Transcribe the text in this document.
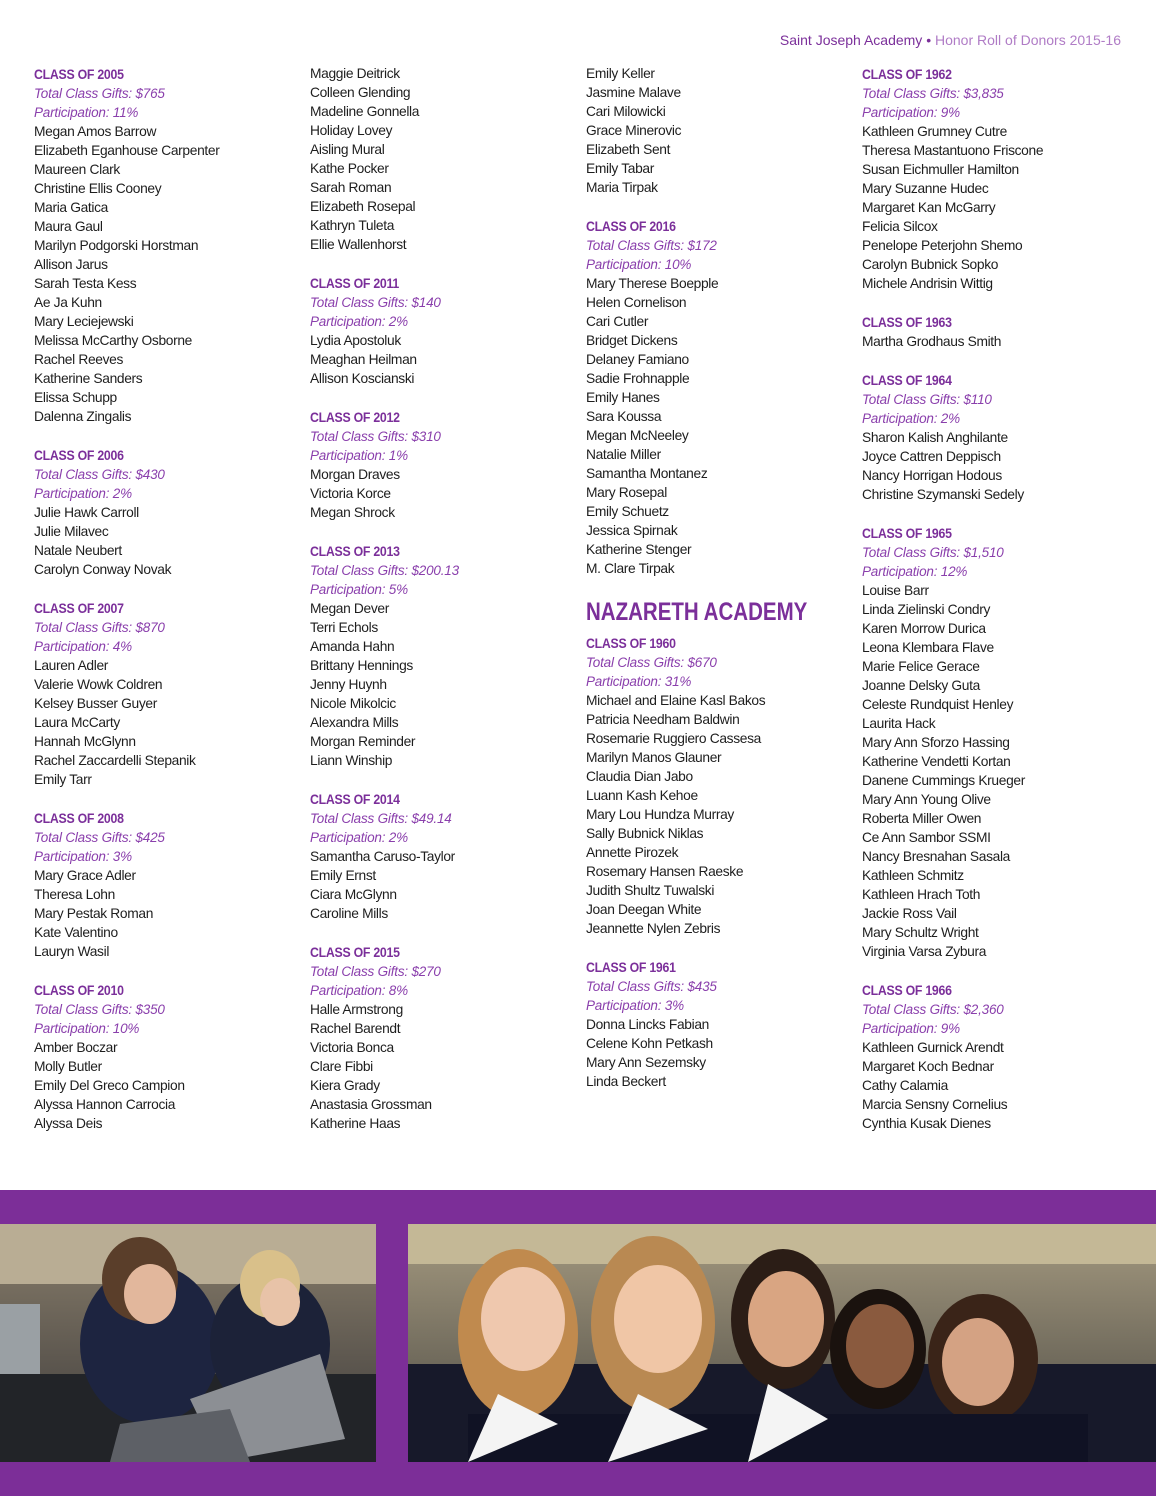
Saint Joseph Academy • Honor Roll of Donors 2015-16
CLASS OF 2005
Total Class Gifts: $765
Participation: 11%
Megan Amos Barrow
Elizabeth Eganhouse Carpenter
Maureen Clark
Christine Ellis Cooney
Maria Gatica
Maura Gaul
Marilyn Podgorski Horstman
Allison Jarus
Sarah Testa Kess
Ae Ja Kuhn
Mary Leciejewski
Melissa McCarthy Osborne
Rachel Reeves
Katherine Sanders
Elissa Schupp
Dalenna Zingalis
CLASS OF 2006
Total Class Gifts: $430
Participation: 2%
Julie Hawk Carroll
Julie Milavec
Natale Neubert
Carolyn Conway Novak
CLASS OF 2007
Total Class Gifts: $870
Participation: 4%
Lauren Adler
Valerie Wowk Coldren
Kelsey Busser Guyer
Laura McCarty
Hannah McGlynn
Rachel Zaccardelli Stepanik
Emily Tarr
CLASS OF 2008
Total Class Gifts: $425
Participation: 3%
Mary Grace Adler
Theresa Lohn
Mary Pestak Roman
Kate Valentino
Lauryn Wasil
CLASS OF 2010
Total Class Gifts: $350
Participation: 10%
Amber Boczar
Molly Butler
Emily Del Greco Campion
Alyssa Hannon Carrocia
Alyssa Deis
Maggie Deitrick
Colleen Glending
Madeline Gonnella
Holiday Lovey
Aisling Mural
Kathe Pocker
Sarah Roman
Elizabeth Rosepal
Kathryn Tuleta
Ellie Wallenhorst
CLASS OF 2011
Total Class Gifts: $140
Participation: 2%
Lydia Apostoluk
Meaghan Heilman
Allison Koscianski
CLASS OF 2012
Total Class Gifts: $310
Participation: 1%
Morgan Draves
Victoria Korce
Megan Shrock
CLASS OF 2013
Total Class Gifts: $200.13
Participation: 5%
Megan Dever
Terri Echols
Amanda Hahn
Brittany Hennings
Jenny Huynh
Nicole Mikolcic
Alexandra Mills
Morgan Reminder
Liann Winship
CLASS OF 2014
Total Class Gifts: $49.14
Participation: 2%
Samantha Caruso-Taylor
Emily Ernst
Ciara McGlynn
Caroline Mills
CLASS OF 2015
Total Class Gifts: $270
Participation: 8%
Halle Armstrong
Rachel Barendt
Victoria Bonca
Clare Fibbi
Kiera Grady
Anastasia Grossman
Katherine Haas
Emily Keller
Jasmine Malave
Cari Milowicki
Grace Minerovic
Elizabeth Sent
Emily Tabar
Maria Tirpak
CLASS OF 2016
Total Class Gifts: $172
Participation: 10%
Mary Therese Boepple
Helen Cornelison
Cari Cutler
Bridget Dickens
Delaney Famiano
Sadie Frohnapple
Emily Hanes
Sara Koussa
Megan McNeeley
Natalie Miller
Samantha Montanez
Mary Rosepal
Emily Schuetz
Jessica Spirnak
Katherine Stenger
M. Clare Tirpak
NAZARETH ACADEMY
CLASS OF 1960
Total Class Gifts: $670
Participation: 31%
Michael and Elaine Kasl Bakos
Patricia Needham Baldwin
Rosemarie Ruggiero Cassesa
Marilyn Manos Glauner
Claudia Dian Jabo
Luann Kash Kehoe
Mary Lou Hundza Murray
Sally Bubnick Niklas
Annette Pirozek
Rosemary Hansen Raeske
Judith Shultz Tuwalski
Joan Deegan White
Jeannette Nylen Zebris
CLASS OF 1961
Total Class Gifts: $435
Participation: 3%
Donna Lincks Fabian
Celene Kohn Petkash
Mary Ann Sezemsky
Linda Beckert
CLASS OF 1962
Total Class Gifts: $3,835
Participation: 9%
Kathleen Grumney Cutre
Theresa Mastantuono Friscone
Susan Eichmuller Hamilton
Mary Suzanne Hudec
Margaret Kan McGarry
Felicia Silcox
Penelope Peterjohn Shemo
Carolyn Bubnick Sopko
Michele Andrisin Wittig
CLASS OF 1963
Martha Grodhaus Smith
CLASS OF 1964
Total Class Gifts: $110
Participation: 2%
Sharon Kalish Anghilante
Joyce Cattren Deppisch
Nancy Horrigan Hodous
Christine Szymanski Sedely
CLASS OF 1965
Total Class Gifts: $1,510
Participation: 12%
Louise Barr
Linda Zielinski Condry
Karen Morrow Durica
Leona Klembara Flave
Marie Felice Gerace
Joanne Delsky Guta
Celeste Rundquist Henley
Laurita Hack
Mary Ann Sforzo Hassing
Katherine Vendetti Kortan
Danene Cummings Krueger
Mary Ann Young Olive
Roberta Miller Owen
Ce Ann Sambor SSMI
Nancy Bresnahan Sasala
Kathleen Schmitz
Kathleen Hrach Toth
Jackie Ross Vail
Mary Schultz Wright
Virginia Varsa Zybura
CLASS OF 1966
Total Class Gifts: $2,360
Participation: 9%
Kathleen Gurnick Arendt
Margaret Koch Bednar
Cathy Calamia
Marcia Sensny Cornelius
Cynthia Kusak Dienes
